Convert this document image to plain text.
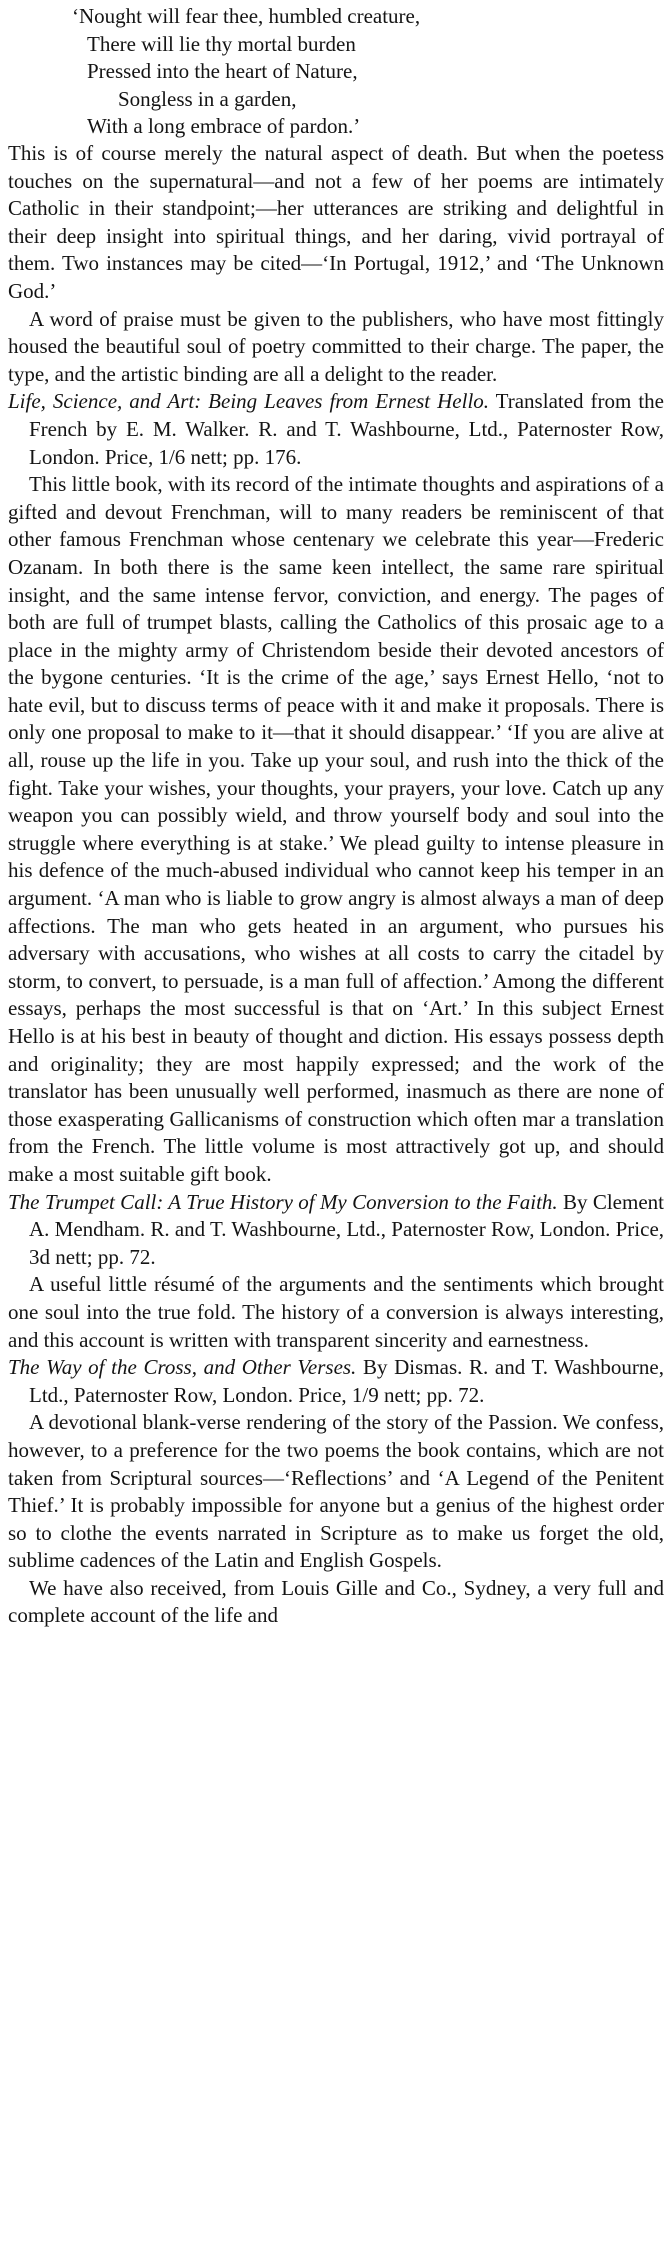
‘Nought will fear thee, humbled creature,
There will lie thy mortal burden
Pressed into the heart of Nature,
Songless in a garden,
With a long embrace of pardon.’

This is of course merely the natural aspect of death. But when the poetess touches on the supernatural—and not a few of her poems are intimately Catholic in their standpoint;—her utterances are striking and delightful in their deep insight into spiritual things, and her daring, vivid portrayal of them. Two instances may be cited—‘In Portugal, 1912,’ and ‘The Unknown God.’

A word of praise must be given to the publishers, who have most fittingly housed the beautiful soul of poetry committed to their charge. The paper, the type, and the artistic binding are all a delight to the reader.

Life, Science, and Art: Being Leaves from Ernest Hello. Translated from the French by E. M. Walker. R. and T. Washbourne, Ltd., Paternoster Row, London. Price, 1/6 nett; pp. 176.

This little book, with its record of the intimate thoughts and aspirations of a gifted and devout Frenchman, will to many readers be reminiscent of that other famous Frenchman whose centenary we celebrate this year—Frederic Ozanam. In both there is the same keen intellect, the same rare spiritual insight, and the same intense fervor, conviction, and energy. The pages of both are full of trumpet blasts, calling the Catholics of this prosaic age to a place in the mighty army of Christendom beside their devoted ancestors of the bygone centuries. ‘It is the crime of the age,’ says Ernest Hello, ‘not to hate evil, but to discuss terms of peace with it and make it proposals. There is only one proposal to make to it—that it should disappear.’ ‘If you are alive at all, rouse up the life in you. Take up your soul, and rush into the thick of the fight. Take your wishes, your thoughts, your prayers, your love. Catch up any weapon you can possibly wield, and throw yourself body and soul into the struggle where everything is at stake.’ We plead guilty to intense pleasure in his defence of the much-abused individual who cannot keep his temper in an argument. ‘A man who is liable to grow angry is almost always a man of deep affections. The man who gets heated in an argument, who pursues his adversary with accusations, who wishes at all costs to carry the citadel by storm, to convert, to persuade, is a man full of affection.’ Among the different essays, perhaps the most successful is that on ‘Art.’ In this subject Ernest Hello is at his best in beauty of thought and diction. His essays possess depth and originality; they are most happily expressed; and the work of the translator has been unusually well performed, inasmuch as there are none of those exasperating Gallicanisms of construction which often mar a translation from the French. The little volume is most attractively got up, and should make a most suitable gift book.

The Trumpet Call: A True History of My Conversion to the Faith. By Clement A. Mendham. R. and T. Washbourne, Ltd., Paternoster Row, London. Price, 3d nett; pp. 72.

A useful little résumé of the arguments and the sentiments which brought one soul into the true fold. The history of a conversion is always interesting, and this account is written with transparent sincerity and earnestness.

The Way of the Cross, and Other Verses. By Dismas. R. and T. Washbourne, Ltd., Paternoster Row, London. Price, 1/9 nett; pp. 72.

A devotional blank-verse rendering of the story of the Passion. We confess, however, to a preference for the two poems the book contains, which are not taken from Scriptural sources—‘Reflections’ and ‘A Legend of the Penitent Thief.’ It is probably impossible for anyone but a genius of the highest order so to clothe the events narrated in Scripture as to make us forget the old, sublime cadences of the Latin and English Gospels.

We have also received, from Louis Gille and Co., Sydney, a very full and complete account of the life and
